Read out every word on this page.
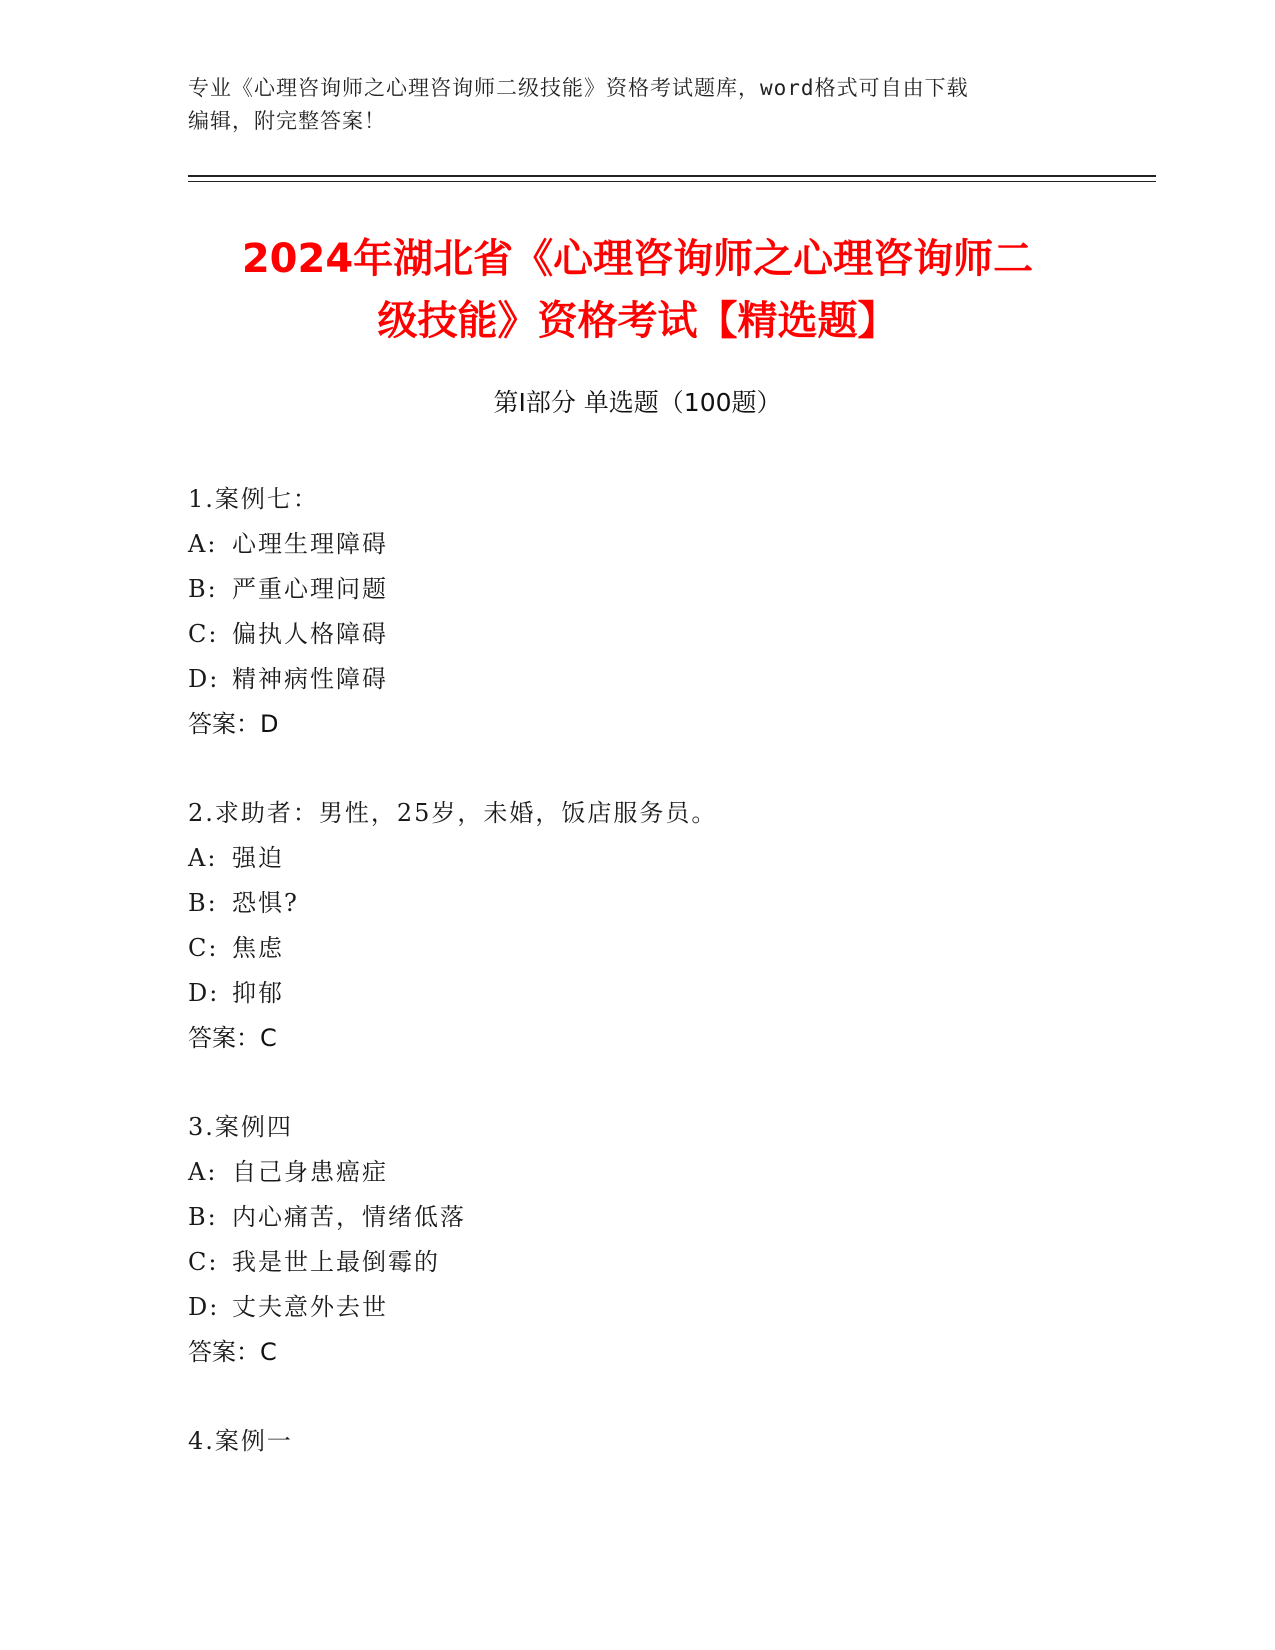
专业《心理咨询师之心理咨询师二级技能》资格考试题库，word格式可自由下载
编辑，附完整答案！
2024年湖北省《心理咨询师之心理咨询师二
级技能》资格考试【精选题】
第I部分 单选题（100题）
1.案例七：
A: 心理生理障碍
B: 严重心理问题
C: 偏执人格障碍
D: 精神病性障碍
答案：D
2.求助者：男性，25岁，未婚，饭店服务员。
A: 强迫
B: 恐惧?
C: 焦虑
D: 抑郁
答案：C
3.案例四
A: 自己身患癌症
B: 内心痛苦，情绪低落
C: 我是世上最倒霉的
D: 丈夫意外去世
答案：C
4.案例一
